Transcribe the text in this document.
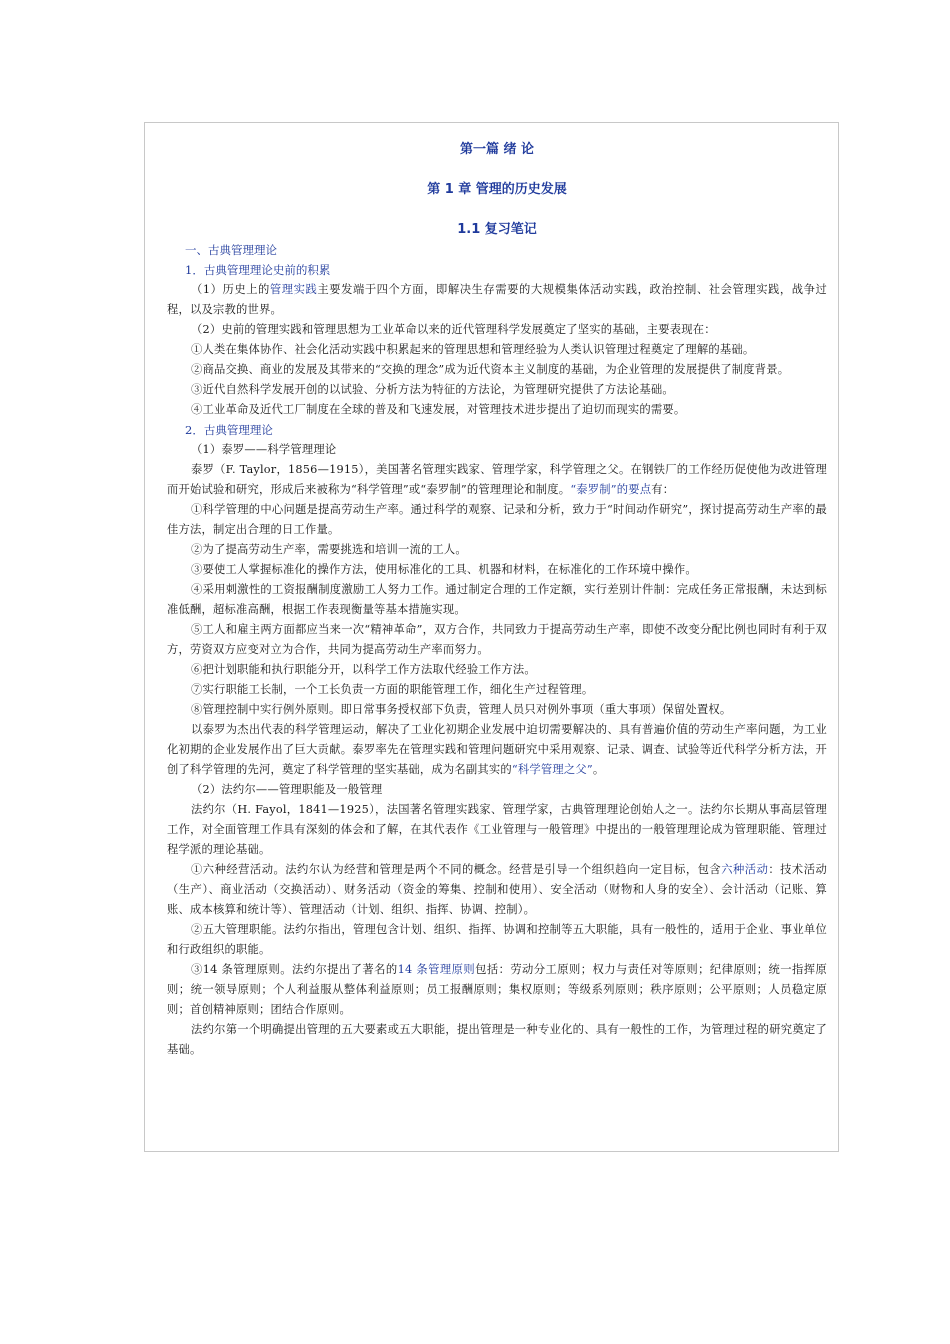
第一篇 绪 论
第 1 章 管理的历史发展
1.1 复习笔记
一、古典管理理论
1．古典管理理论史前的积累

（1）历史上的管理实践主要发端于四个方面，即解决生存需要的大规模集体活动实践，政治控制、社会管理实践，战争过程，以及宗教的世界。

（2）史前的管理实践和管理思想为工业革命以来的近代管理科学发展奠定了坚实的基础，主要表现在：

①人类在集体协作、社会化活动实践中积累起来的管理思想和管理经验为人类认识管理过程奠定了理解的基础。

②商品交换、商业的发展及其带来的“交换的理念”成为近代资本主义制度的基础，为企业管理的发展提供了制度背景。

③近代自然科学发展开创的以试验、分析方法为特征的方法论，为管理研究提供了方法论基础。

④工业革命及近代工厂制度在全球的普及和飞速发展，对管理技术进步提出了迫切而现实的需要。

2．古典管理理论

（1）泰罗——科学管理理论

泰罗（F. Taylor，1856—1915），美国著名管理实践家、管理学家，科学管理之父。在钢铁厂的工作经历促使他为改进管理而开始试验和研究，形成后来被称为“科学管理”或“泰罗制”的管理理论和制度。“泰罗制”的要点有：

①科学管理的中心问题是提高劳动生产率。通过科学的观察、记录和分析，致力于“时间动作研究”，探讨提高劳动生产率的最佳方法，制定出合理的日工作量。

②为了提高劳动生产率，需要挑选和培训一流的工人。

③要使工人掌握标准化的操作方法，使用标准化的工具、机器和材料，在标准化的工作环境中操作。

④采用刺激性的工资报酬制度激励工人努力工作。通过制定合理的工作定额，实行差别计件制：完成任务正常报酬，未达到标准低酬，超标准高酬，根据工作表现衡量等基本措施实现。

⑤工人和雇主两方面都应当来一次“精神革命”，双方合作，共同致力于提高劳动生产率，即使不改变分配比例也同时有利于双方，劳资双方应变对立为合作，共同为提高劳动生产率而努力。

⑥把计划职能和执行职能分开，以科学工作方法取代经验工作方法。

⑦实行职能工长制，一个工长负责一方面的职能管理工作，细化生产过程管理。

⑧管理控制中实行例外原则。即日常事务授权部下负责，管理人员只对例外事项（重大事项）保留处置权。

以泰罗为杰出代表的科学管理运动，解决了工业化初期企业发展中迫切需要解决的、具有普遍价值的劳动生产率问题，为工业化初期的企业发展作出了巨大贡献。泰罗率先在管理实践和管理问题研究中采用观察、记录、调查、试验等近代科学分析方法，开创了科学管理的先河，奠定了科学管理的坚实基础，成为名副其实的“科学管理之父”。

（2）法约尔——管理职能及一般管理

法约尔（H. Fayol，1841—1925），法国著名管理实践家、管理学家，古典管理理论创始人之一。法约尔长期从事高层管理工作，对全面管理工作具有深刻的体会和了解，在其代表作《工业管理与一般管理》中提出的一般管理理论成为管理职能、管理过程学派的理论基础。

①六种经营活动。法约尔认为经营和管理是两个不同的概念。经营是引导一个组织趋向一定目标，包含六种活动：技术活动（生产）、商业活动（交换活动）、财务活动（资金的筹集、控制和使用）、安全活动（财物和人身的安全）、会计活动（记账、算账、成本核算和统计等）、管理活动（计划、组织、指挥、协调、控制）。

②五大管理职能。法约尔指出，管理包含计划、组织、指挥、协调和控制等五大职能，具有一般性的，适用于企业、事业单位和行政组织的职能。

③14 条管理原则。法约尔提出了著名的14 条管理原则包括：劳动分工原则；权力与责任对等原则；纪律原则；统一指挥原则；统一领导原则；个人利益服从整体利益原则；员工报酬原则；集权原则；等级系列原则；秩序原则；公平原则；人员稳定原则；首创精神原则；团结合作原则。

法约尔第一个明确提出管理的五大要素或五大职能，提出管理是一种专业化的、具有一般性的工作，为管理过程的研究奠定了基础。
